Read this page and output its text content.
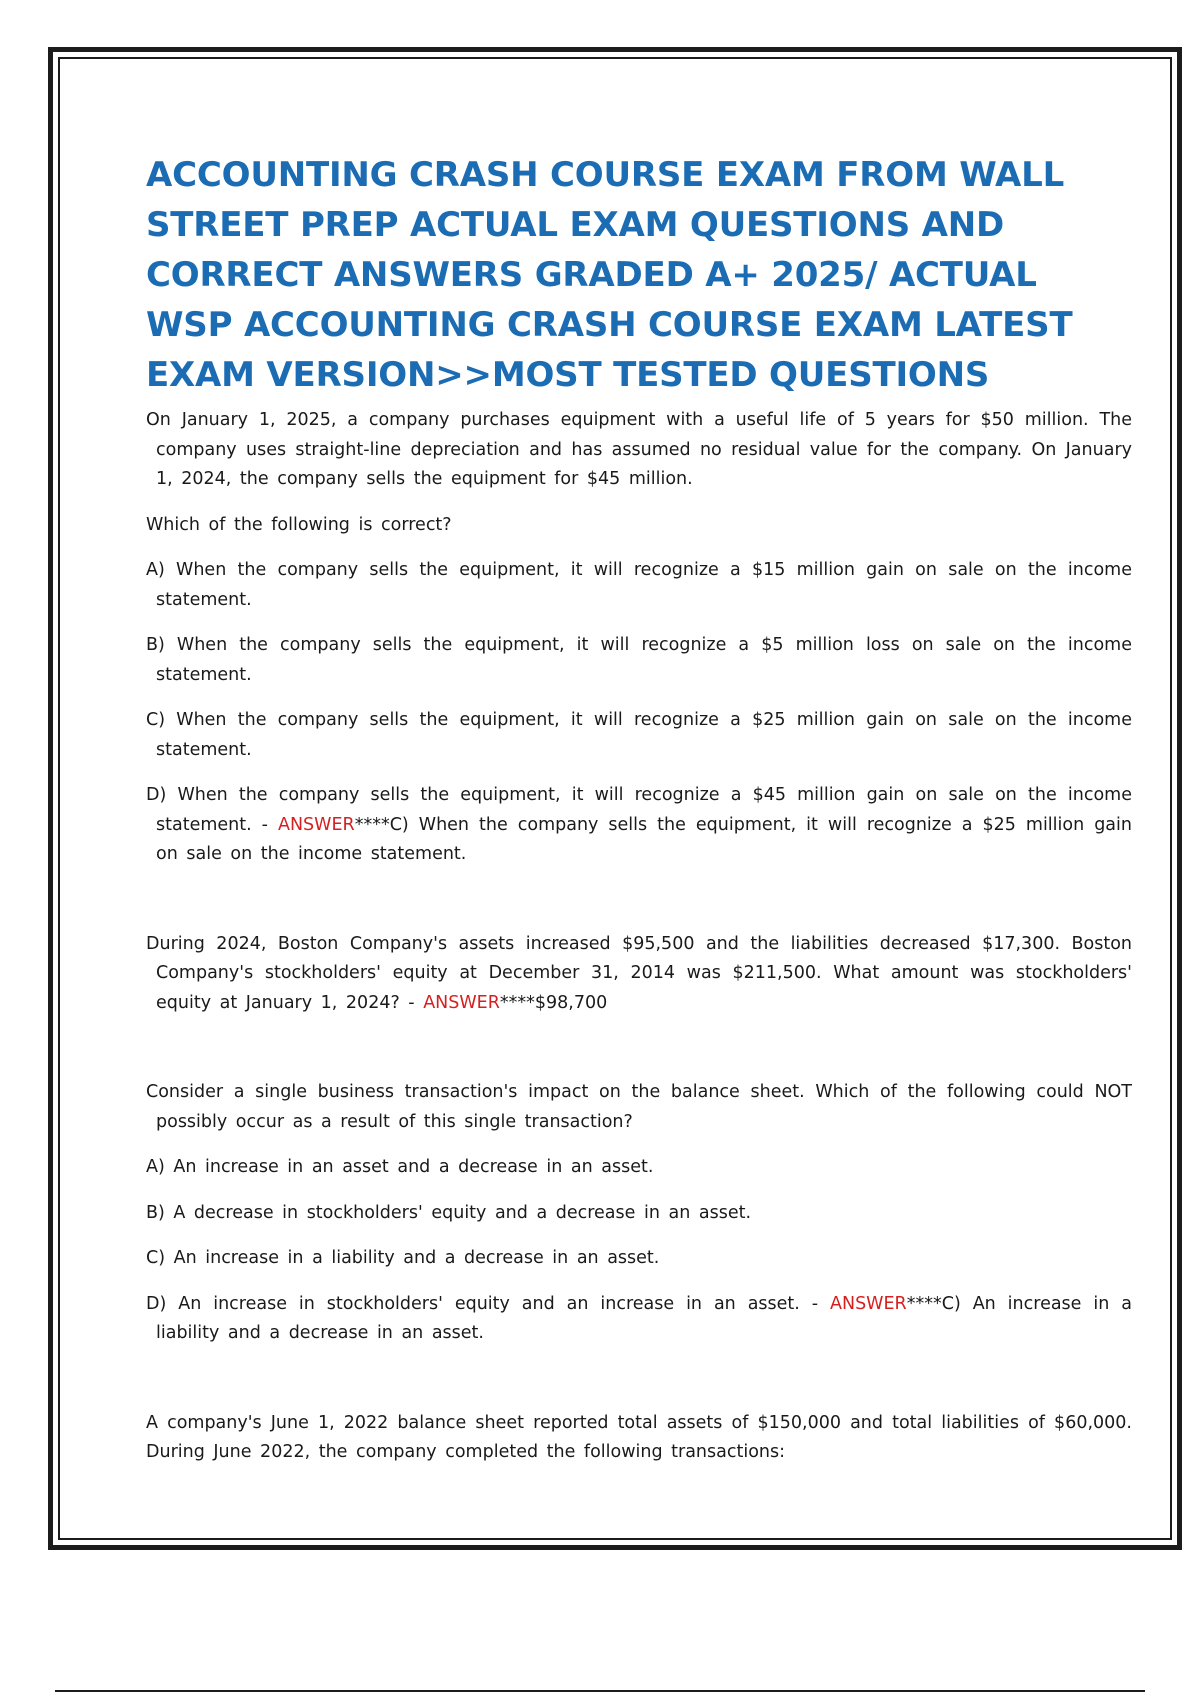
ACCOUNTING CRASH COURSE EXAM FROM WALL STREET PREP ACTUAL EXAM QUESTIONS AND CORRECT ANSWERS GRADED A+ 2025/ ACTUAL WSP ACCOUNTING CRASH COURSE EXAM LATEST EXAM VERSION>>MOST TESTED QUESTIONS

On January 1, 2025, a company purchases equipment with a useful life of 5 years for $50 million. The company uses straight-line depreciation and has assumed no residual value for the company. On January 1, 2024, the company sells the equipment for $45 million.

Which of the following is correct?

A) When the company sells the equipment, it will recognize a $15 million gain on sale on the income statement.

B) When the company sells the equipment, it will recognize a $5 million loss on sale on the income statement.

C) When the company sells the equipment, it will recognize a $25 million gain on sale on the income statement.

D) When the company sells the equipment, it will recognize a $45 million gain on sale on the income statement. - ANSWER****C) When the company sells the equipment, it will recognize a $25 million gain on sale on the income statement.

During 2024, Boston Company's assets increased $95,500 and the liabilities decreased $17,300. Boston Company's stockholders' equity at December 31, 2014 was $211,500. What amount was stockholders' equity at January 1, 2024? - ANSWER****$98,700

Consider a single business transaction's impact on the balance sheet. Which of the following could NOT possibly occur as a result of this single transaction?

A) An increase in an asset and a decrease in an asset.

B) A decrease in stockholders' equity and a decrease in an asset.

C) An increase in a liability and a decrease in an asset.

D) An increase in stockholders' equity and an increase in an asset. - ANSWER****C) An increase in a liability and a decrease in an asset.

A company's June 1, 2022 balance sheet reported total assets of $150,000 and total liabilities of $60,000. During June 2022, the company completed the following transactions:
